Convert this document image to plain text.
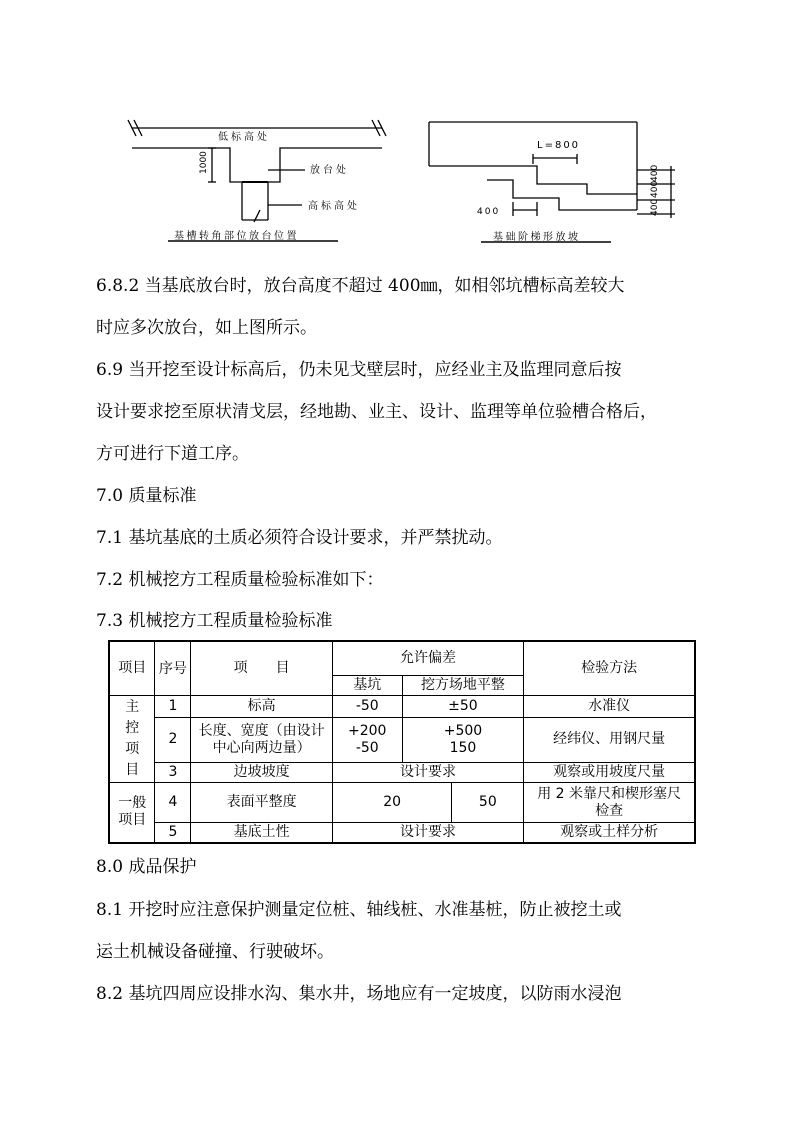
低标高处
放台处
高标高处
1000
基槽转角部位放台位置
L=800
400
400
400
400
基础阶梯形放坡
6.8.2 当基底放台时，放台高度不超过 400㎜，如相邻坑槽标高差较大
时应多次放台，如上图所示。
6.9 当开挖至设计标高后，仍未见戈壁层时，应经业主及监理同意后按
设计要求挖至原状清戈层，经地勘、业主、设计、监理等单位验槽合格后，
方可进行下道工序。
7.0 质量标准
7.1 基坑基底的土质必须符合设计要求，并严禁扰动。
7.2 机械挖方工程质量检验标准如下：
7.3 机械挖方工程质量检验标准
项目	序号	项　　目	允许偏差			检验方法
			基坑	挖方场地平整		
主控项目	1	标高	-50	±50		水准仪
	2	长度、宽度（由设计中心向两边量）	+200
-50	+500
150		经纬仪、用钢尺量
	3	边坡坡度	设计要求			观察或用坡度尺量
一般项目	4	表面平整度	20		50	用 2 米靠尺和楔形塞尺检查
	5	基底土性	设计要求			观察或土样分析
8.0 成品保护
8.1 开挖时应注意保护测量定位桩、轴线桩、水准基桩，防止被挖土或
运土机械设备碰撞、行驶破坏。
8.2 基坑四周应设排水沟、集水井，场地应有一定坡度，以防雨水浸泡
